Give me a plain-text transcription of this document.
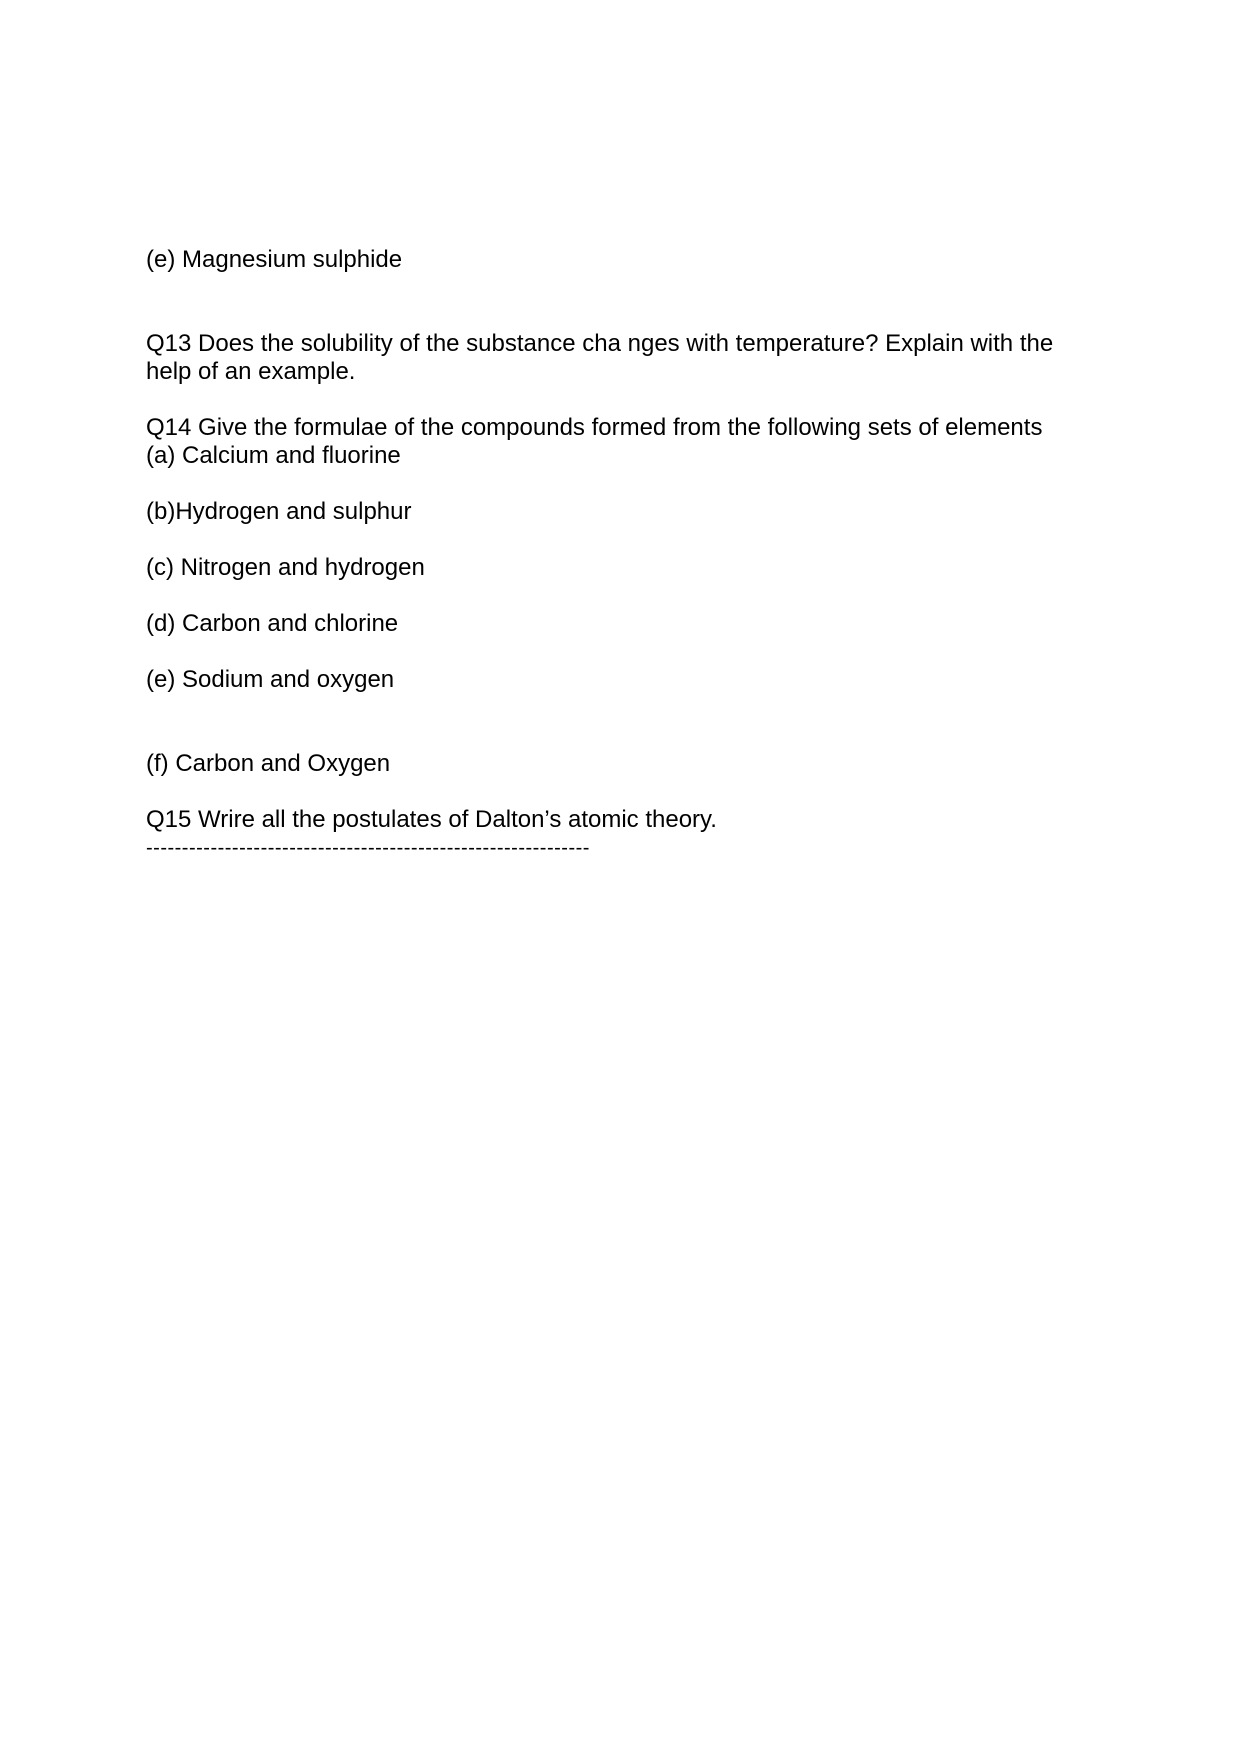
(e) Magnesium sulphide

Q13 Does the solubility of the substance cha nges with temperature? Explain with the

help of an example.

Q14 Give the formulae of the compounds formed from the following sets of elements

(a) Calcium and fluorine

(b)Hydrogen and sulphur

(c) Nitrogen and hydrogen

(d) Carbon and chlorine

(e) Sodium and oxygen

(f) Carbon and Oxygen

Q15 Wrire all the postulates of Dalton’s atomic theory.

--------------------------------------------------------------
